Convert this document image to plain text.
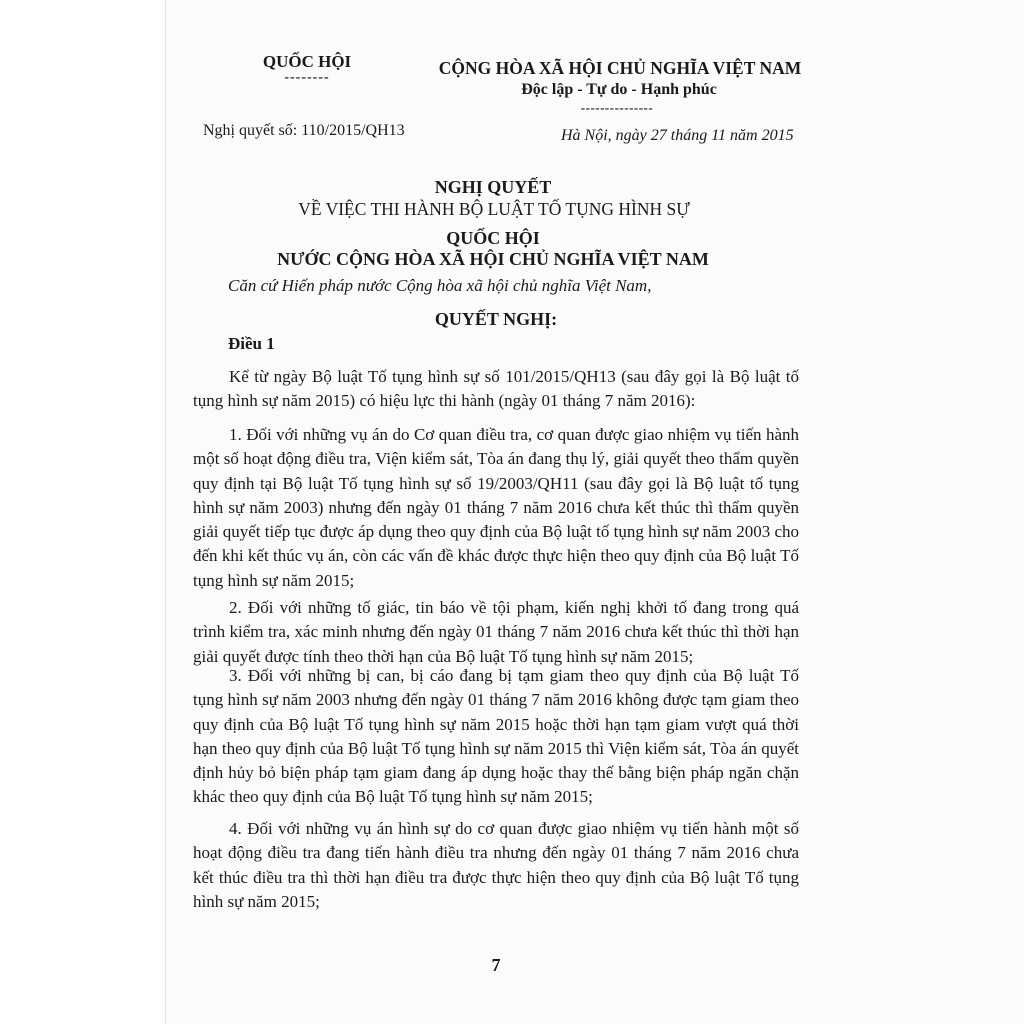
QUỐC HỘI
--------	CỘNG HÒA XÃ HỘI CHỦ NGHĨA VIỆT NAM
Độc lập - Tự do - Hạnh phúc
---------------
Nghị quyết số: 110/2015/QH13	Hà Nội, ngày 27 tháng 11 năm 2015
NGHỊ QUYẾT
VỀ VIỆC THI HÀNH BỘ LUẬT TỐ TỤNG HÌNH SỰ
QUỐC HỘI
NƯỚC CỘNG HÒA XÃ HỘI CHỦ NGHĨA VIỆT NAM
Căn cứ Hiến pháp nước Cộng hòa xã hội chủ nghĩa Việt Nam,
QUYẾT NGHỊ:
Điều 1

Kể từ ngày Bộ luật Tố tụng hình sự số 101/2015/QH13 (sau đây gọi là Bộ luật tố tụng hình sự năm 2015) có hiệu lực thi hành (ngày 01 tháng 7 năm 2016):

1. Đối với những vụ án do Cơ quan điều tra, cơ quan được giao nhiệm vụ tiến hành một số hoạt động điều tra, Viện kiểm sát, Tòa án đang thụ lý, giải quyết theo thẩm quyền quy định tại Bộ luật Tố tụng hình sự số 19/2003/QH11 (sau đây gọi là Bộ luật tố tụng hình sự năm 2003) nhưng đến ngày 01 tháng 7 năm 2016 chưa kết thúc thì thẩm quyền giải quyết tiếp tục được áp dụng theo quy định của Bộ luật tố tụng hình sự năm 2003 cho đến khi kết thúc vụ án, còn các vấn đề khác được thực hiện theo quy định của Bộ luật Tố tụng hình sự năm 2015;

2. Đối với những tố giác, tin báo về tội phạm, kiến nghị khởi tố đang trong quá trình kiểm tra, xác minh nhưng đến ngày 01 tháng 7 năm 2016 chưa kết thúc thì thời hạn giải quyết được tính theo thời hạn của Bộ luật Tố tụng hình sự năm 2015;

3. Đối với những bị can, bị cáo đang bị tạm giam theo quy định của Bộ luật Tố tụng hình sự năm 2003 nhưng đến ngày 01 tháng 7 năm 2016 không được tạm giam theo quy định của Bộ luật Tố tụng hình sự năm 2015 hoặc thời hạn tạm giam vượt quá thời hạn theo quy định của Bộ luật Tố tụng hình sự năm 2015 thì Viện kiểm sát, Tòa án quyết định hủy bỏ biện pháp tạm giam đang áp dụng hoặc thay thế bằng biện pháp ngăn chặn khác theo quy định của Bộ luật Tố tụng hình sự năm 2015;

4. Đối với những vụ án hình sự do cơ quan được giao nhiệm vụ tiến hành một số hoạt động điều tra đang tiến hành điều tra nhưng đến ngày 01 tháng 7 năm 2016 chưa kết thúc điều tra thì thời hạn điều tra được thực hiện theo quy định của Bộ luật Tố tụng hình sự năm 2015;

7
